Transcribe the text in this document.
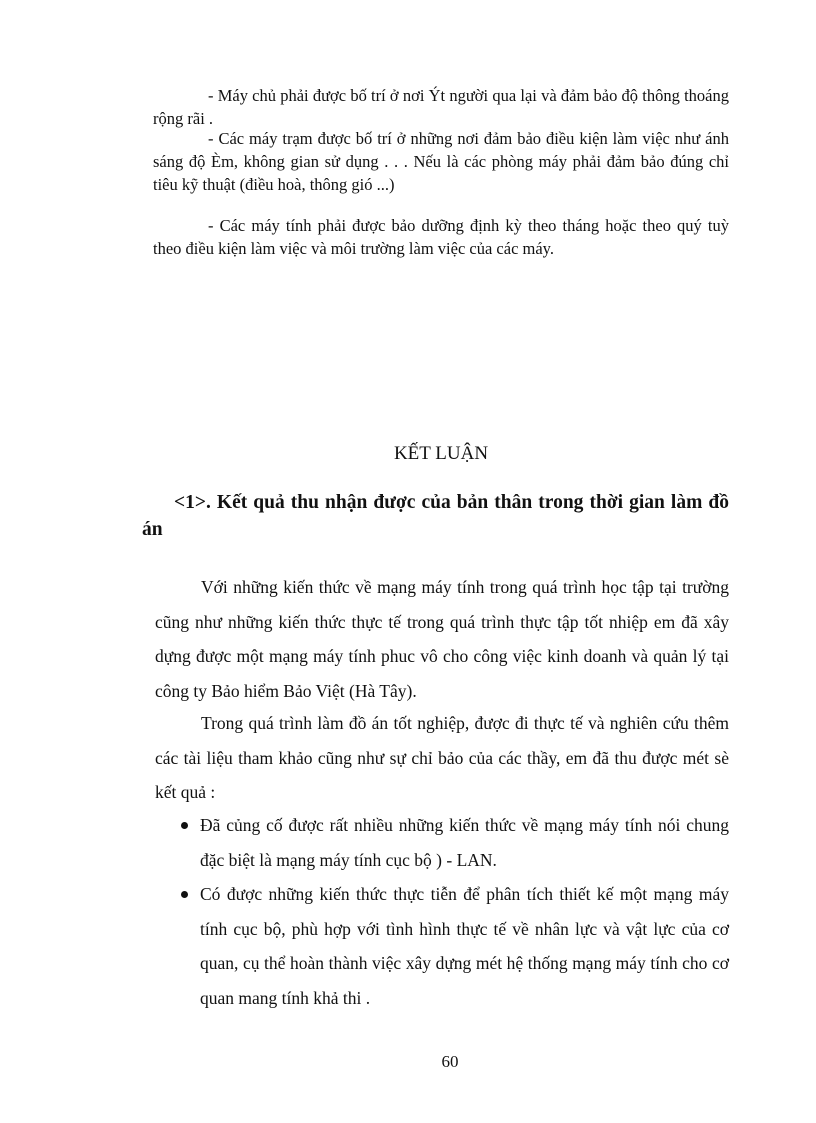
- Máy chủ phải được bố trí ở nơi Ýt người qua lại và đảm bảo độ thông thoáng rộng rãi .
- Các máy trạm được bố trí ở những nơi đảm bảo điều kiện làm việc như ánh sáng độ Èm, không gian sử dụng . . . Nếu là các phòng máy phải đảm bảo đúng chỉ tiêu kỹ thuật (điều hoà, thông gió ...)
- Các máy tính phải được bảo dưỡng định kỳ theo tháng hoặc theo quý tuỳ theo điều kiện làm việc và môi trường làm việc của các máy.
KẾT LUẬN
<1>. Kết quả thu nhận được của bản thân trong thời gian làm đồ án
Với những kiến thức về mạng máy tính trong quá trình học tập tại trường cũng như những kiến thức thực tế trong quá trình thực tập tốt nhiệp em đã xây dựng được một mạng máy tính phuc vô cho công việc kinh doanh và quản lý tại công ty Bảo hiểm Bảo Việt (Hà Tây).
Trong quá trình làm đồ án tốt nghiệp, được đi thực tế và nghiên cứu thêm các tài liệu tham khảo cũng như sự chỉ bảo của các thầy, em đã thu được mét sè kết quả :
Đã củng cố được rất nhiều những kiến thức về mạng máy tính nói chung đặc biệt là mạng máy tính cục bộ ) - LAN.
Có được những kiến thức thực tiễn để phân tích thiết kế một mạng máy tính cục bộ, phù hợp với tình hình thực tế về nhân lực và vật lực của cơ quan, cụ thể hoàn thành việc xây dựng mét hệ thống mạng máy tính cho cơ quan mang tính khả thi .
60
